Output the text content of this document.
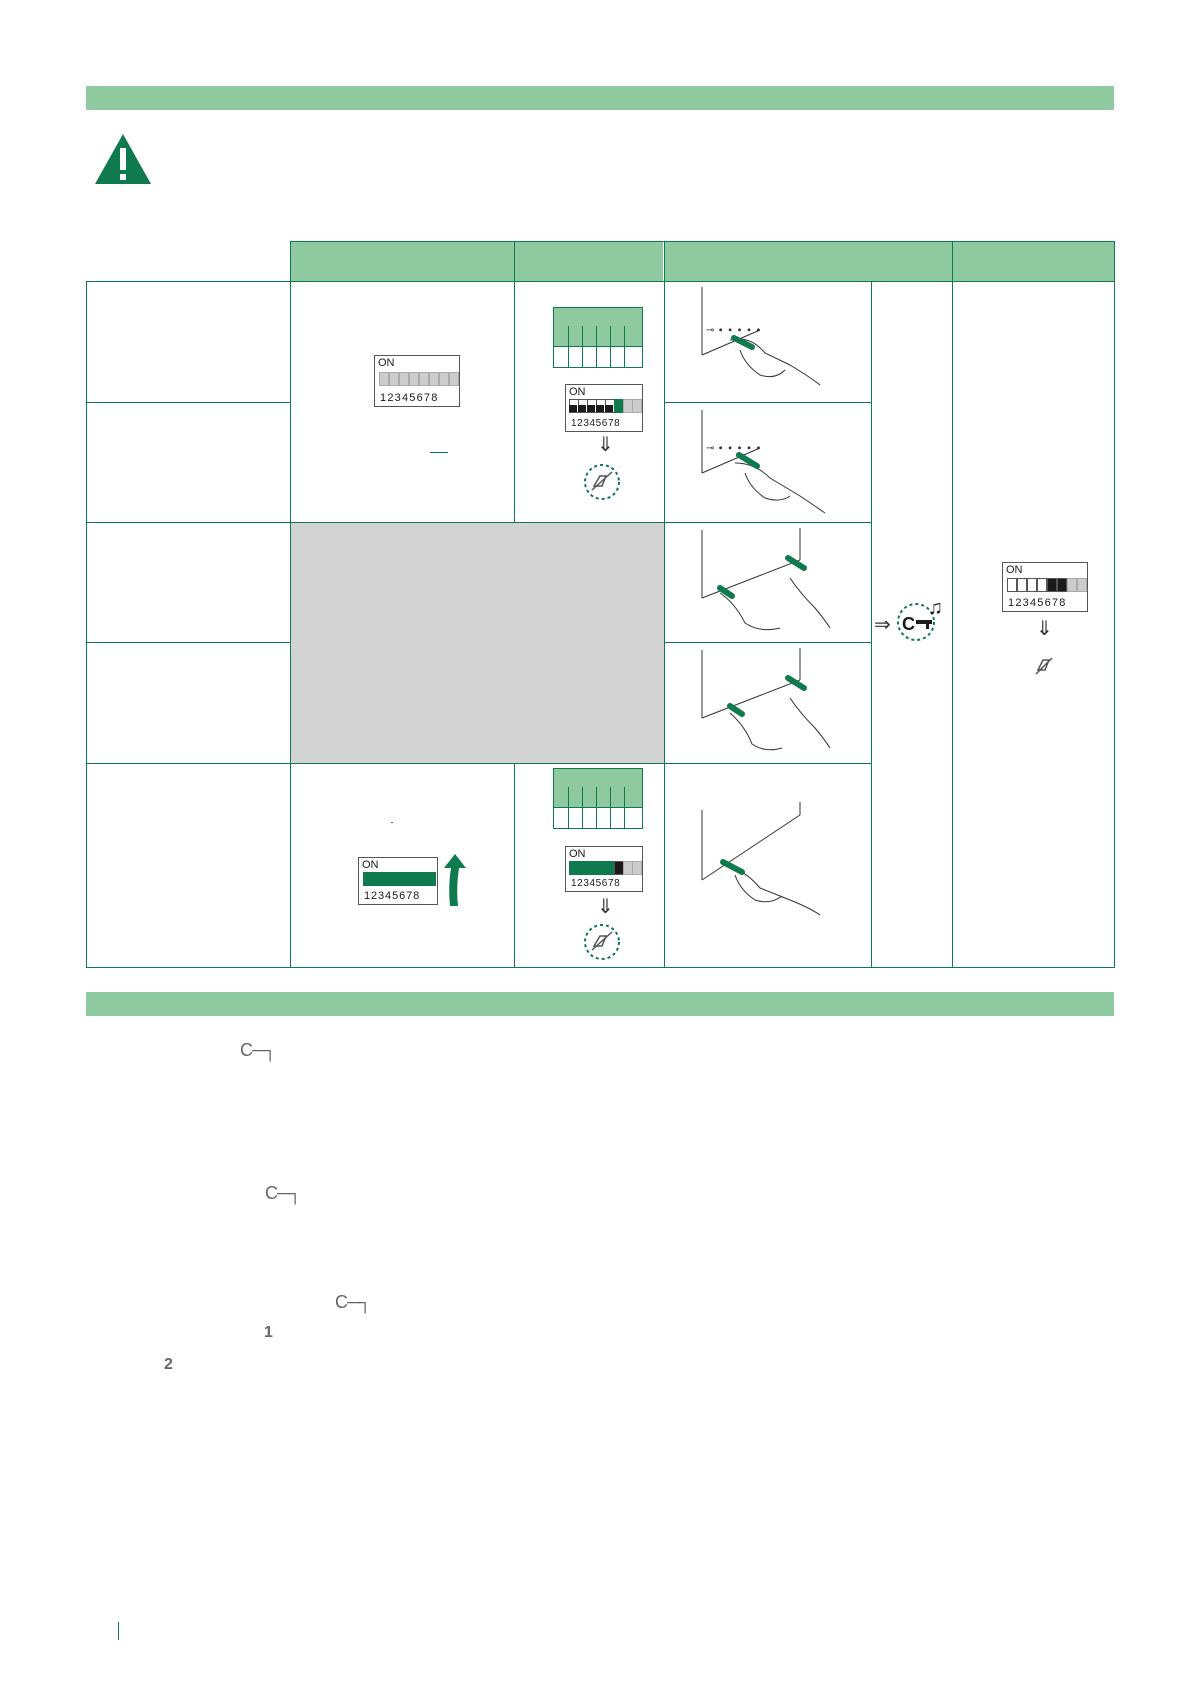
ON
12345678	ON
12345678
⇓
⊸ ∙ ∙ ∙ ∙ ∙
⊸ ∙ ∙ ∙ ∙ ∙
⇒ C
♫
ON
12345678
⇓
ON
12345678
ON
12345678
⇓
C─┐
C─┐
C─┐
1
2
